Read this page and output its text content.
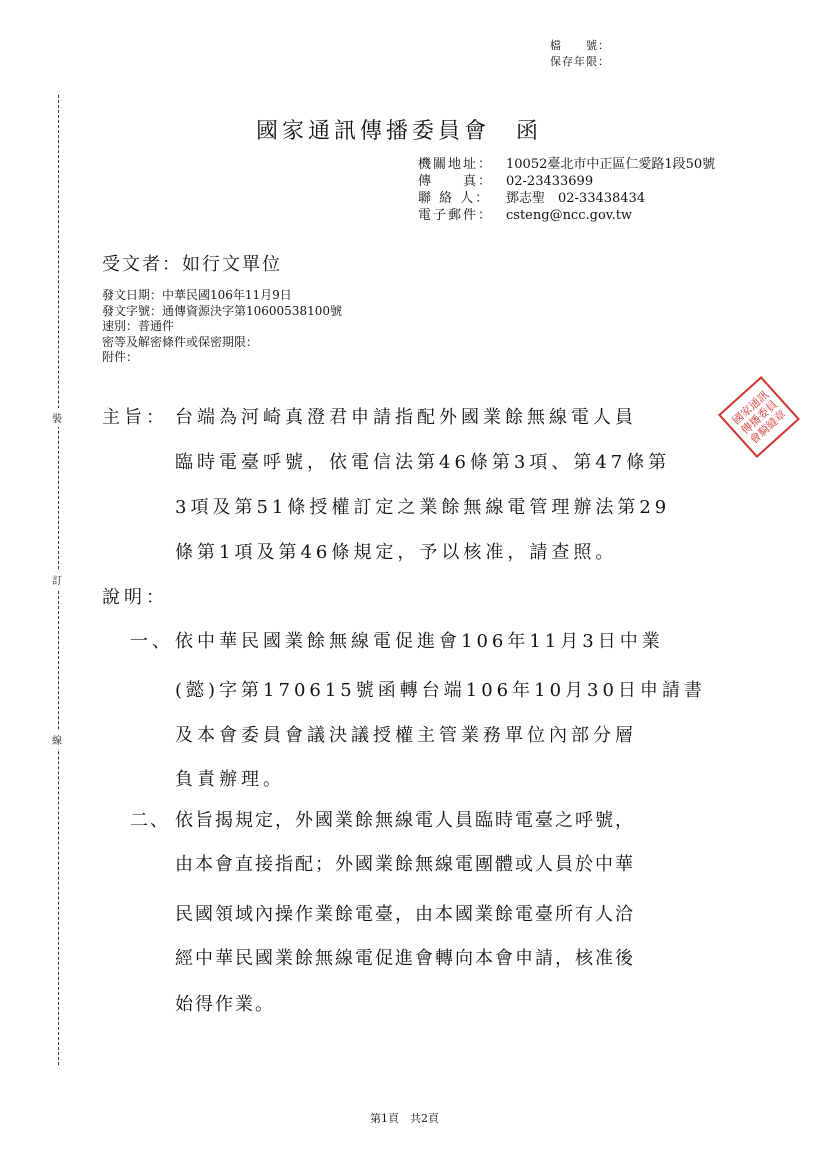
檔　　號：
保存年限：
裝
訂
線
國家通訊傳播委員會　函
機關地址： 10052臺北市中正區仁愛路1段50號
傳　　真： 02-23433699
聯 絡 人： 鄧志聖　02-33438434
電子郵件： csteng@ncc.gov.tw
受文者：如行文單位
發文日期：中華民國106年11月9日
發文字號：通傳資源決字第10600538100號
速別：普通件
密等及解密條件或保密期限：
附件：
主旨： 台端為河崎真澄君申請指配外國業餘無線電人員
臨時電臺呼號，依電信法第46條第3項、第47條第
3項及第51條授權訂定之業餘無線電管理辦法第29
條第1項及第46條規定，予以核准，請查照。
國家通訊傳播委員會騎縫章
說明：
一、 依中華民國業餘無線電促進會106年11月3日中業
(懿)字第170615號函轉台端106年10月30日申請書
及本會委員會議決議授權主管業務單位內部分層
負責辦理。
二、 依旨揭規定，外國業餘無線電人員臨時電臺之呼號，
由本會直接指配；外國業餘無線電團體或人員於中華
民國領域內操作業餘電臺，由本國業餘電臺所有人洽
經中華民國業餘無線電促進會轉向本會申請，核准後
始得作業。
第1頁　共2頁
